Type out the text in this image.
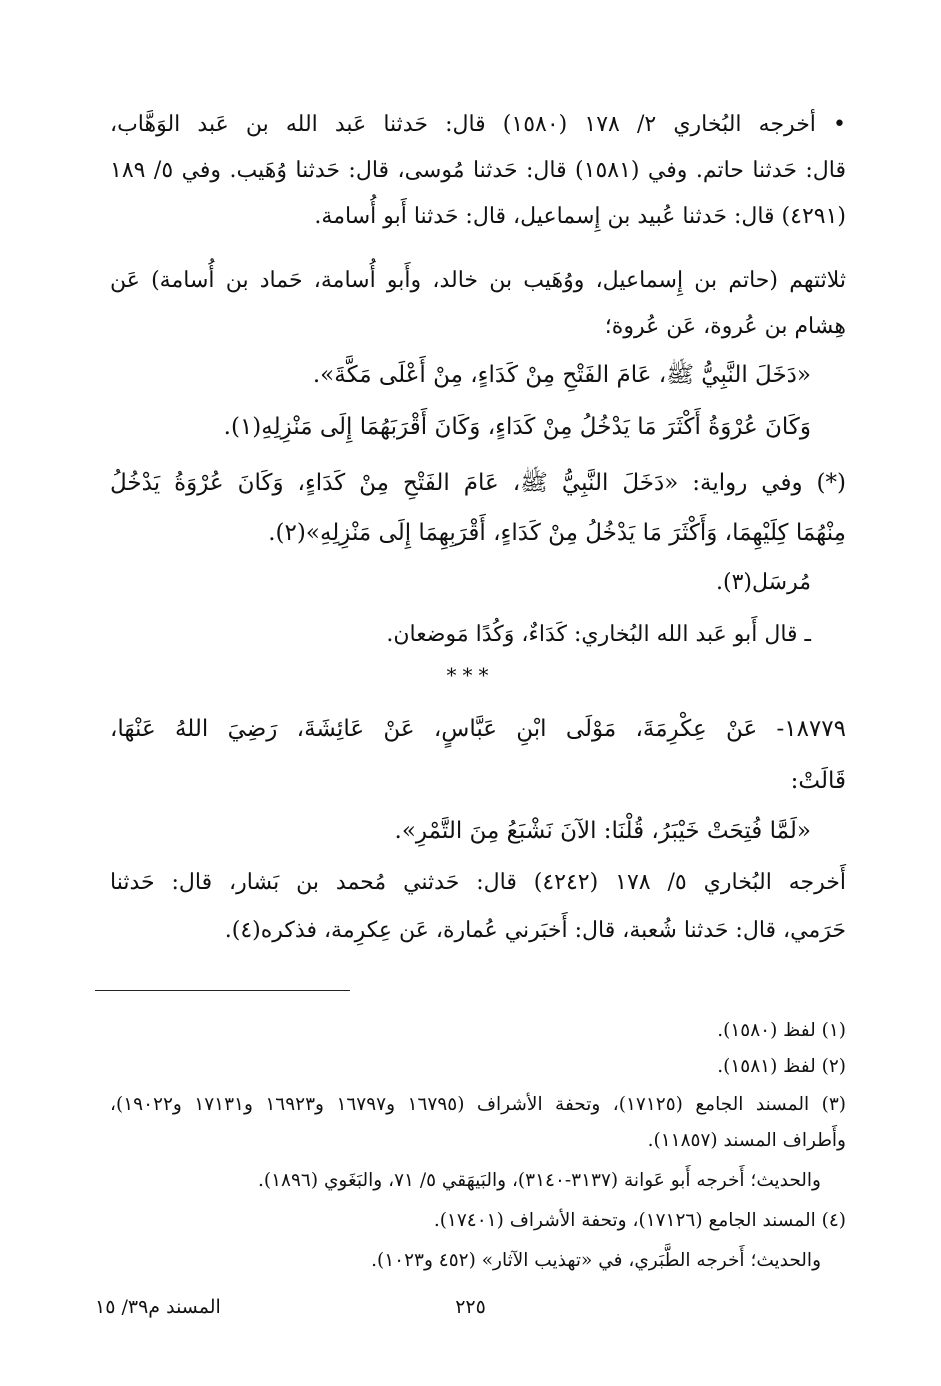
• أخرجه البُخاري ٢/ ١٧٨ (١٥٨٠) قال: حَدثنا عَبد الله بن عَبد الوَهَّاب،
قال: حَدثنا حاتم. وفي (١٥٨١) قال: حَدثنا مُوسى، قال: حَدثنا وُهَيب. وفي ٥/ ١٨٩
(٤٢٩١) قال: حَدثنا عُبيد بن إِسماعيل، قال: حَدثنا أَبو أُسامة.
ثلاثتهم (حاتم بن إِسماعيل، ووُهَيب بن خالد، وأَبو أُسامة، حَماد بن أُسامة) عَن
هِشام بن عُروة، عَن عُروة؛
«دَخَلَ النَّبِيُّ ﷺ، عَامَ الفَتْحِ مِنْ كَدَاءٍ، مِنْ أَعْلَى مَكَّةَ».
وَكَانَ عُرْوَةُ أَكْثَرَ مَا يَدْخُلُ مِنْ كَدَاءٍ، وَكَانَ أَقْرَبَهُمَا إِلَى مَنْزِلِهِ(١).
(*) وفي رواية: «دَخَلَ النَّبِيُّ ﷺ، عَامَ الفَتْحِ مِنْ كَدَاءٍ، وَكَانَ عُرْوَةُ يَدْخُلُ
مِنْهُمَا كِلَيْهِمَا، وَأَكْثَرَ مَا يَدْخُلُ مِنْ كَدَاءٍ، أَقْرَبِهِمَا إِلَى مَنْزِلِهِ»(٢).
مُرسَل(٣).
ـ قال أَبو عَبد الله البُخاري: كَدَاءٌ، وَكُدًا مَوضعان.
***
١٨٧٧٩- عَنْ عِكْرِمَةَ، مَوْلَى ابْنِ عَبَّاسٍ، عَنْ عَائِشَةَ، رَضِيَ اللهُ عَنْهَا،
قَالَتْ:
«لَمَّا فُتِحَتْ خَيْبَرُ، قُلْنَا: الآنَ نَشْبَعُ مِنَ التَّمْرِ».
أَخرجه البُخاري ٥/ ١٧٨ (٤٢٤٢) قال: حَدثني مُحمد بن بَشار، قال: حَدثنا
حَرَمي، قال: حَدثنا شُعبة، قال: أَخبَرني عُمارة، عَن عِكرِمة، فذكره(٤).
(١) لفظ (١٥٨٠).
(٢) لفظ (١٥٨١).
(٣) المسند الجامع (١٧١٢٥)، وتحفة الأشراف (١٦٧٩٥ و١٦٧٩٧ و١٦٩٢٣ و١٧١٣١ و١٩٠٢٢)،
وأَطراف المسند (١١٨٥٧).
والحديث؛ أَخرجه أَبو عَوانة (٣١٣٧-٣١٤٠)، والبَيهَقي ٥/ ٧١، والبَغَوي (١٨٩٦).
(٤) المسند الجامع (١٧١٢٦)، وتحفة الأشراف (١٧٤٠١).
والحديث؛ أَخرجه الطَّبَري، في «تهذيب الآثار» (٤٥٢ و١٠٢٣).
٢٢٥
المسند م٣٩/ ١٥
